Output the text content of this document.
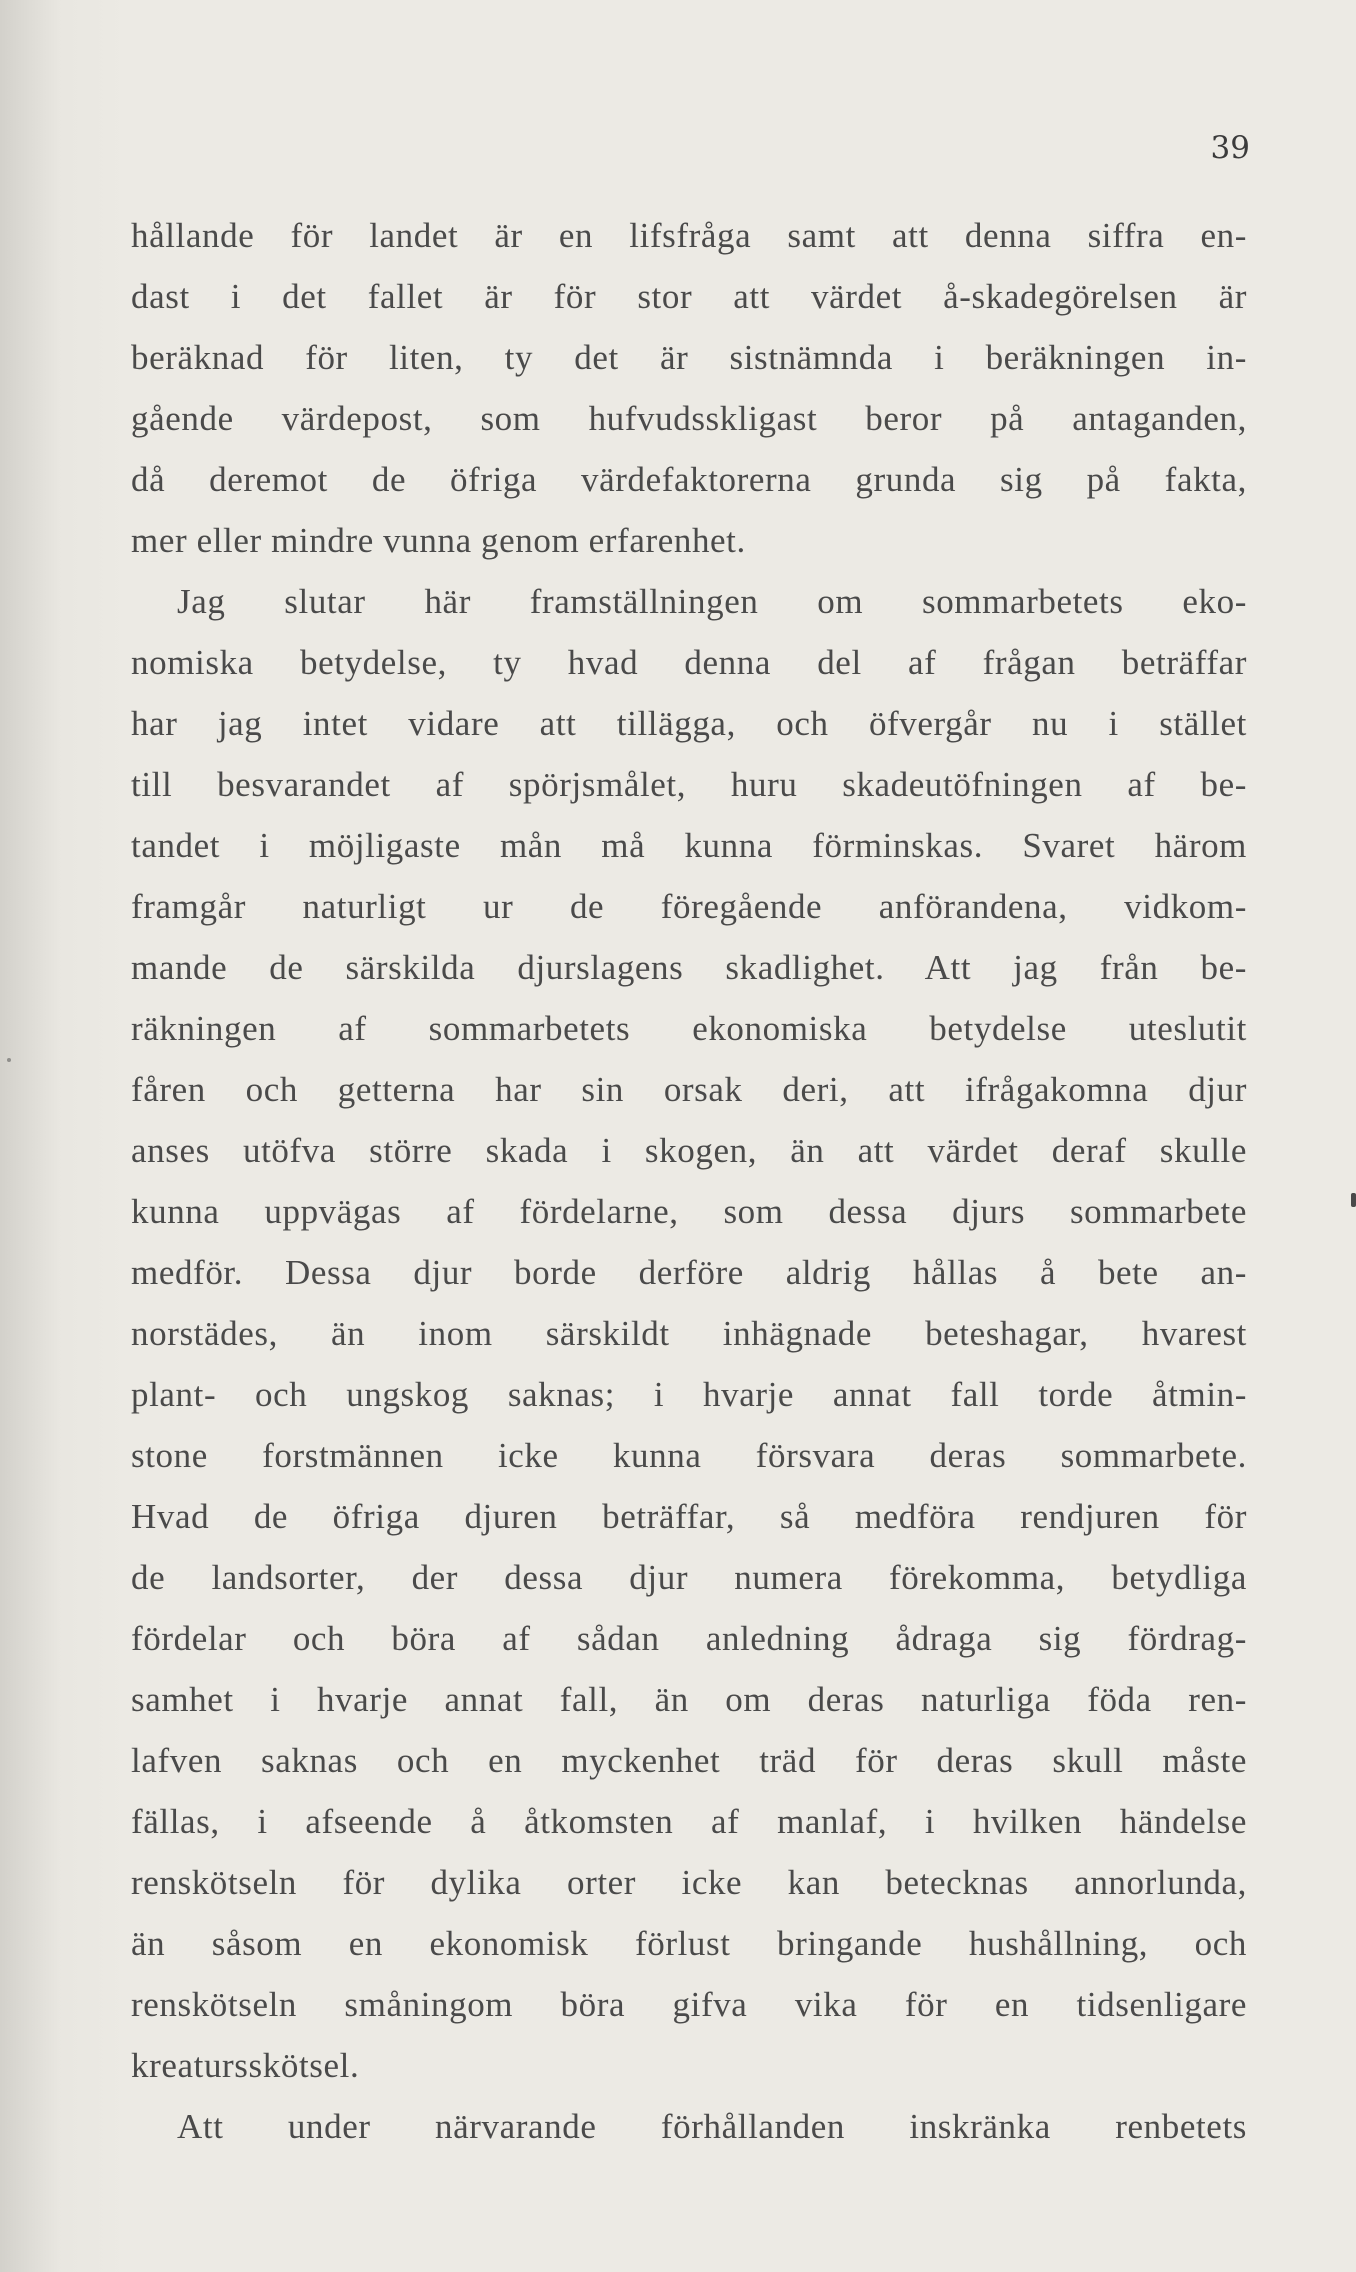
39
hållande för landet är en lifsfråga samt att denna siffra en-
dast i det fallet är för stor att värdet å-skadegörelsen är
beräknad för liten, ty det är sistnämnda i beräkningen in-
gående värdepost, som hufvudsskligast beror på antaganden,
då deremot de öfriga värdefaktorerna grunda sig på fakta,
mer eller mindre vunna genom erfarenhet.
Jag slutar här framställningen om sommarbetets eko-
nomiska betydelse, ty hvad denna del af frågan beträffar
har jag intet vidare att tillägga, och öfvergår nu i stället
till besvarandet af spörjsmålet, huru skadeutöfningen af be-
tandet i möjligaste mån må kunna förminskas. Svaret härom
framgår naturligt ur de föregående anförandena, vidkom-
mande de särskilda djurslagens skadlighet. Att jag från be-
räkningen af sommarbetets ekonomiska betydelse uteslutit
fåren och getterna har sin orsak deri, att ifrågakomna djur
anses utöfva större skada i skogen, än att värdet deraf skulle
kunna uppvägas af fördelarne, som dessa djurs sommarbete
medför. Dessa djur borde derföre aldrig hållas å bete an-
norstädes, än inom särskildt inhägnade beteshagar, hvarest
plant- och ungskog saknas; i hvarje annat fall torde åtmin-
stone forstmännen icke kunna försvara deras sommarbete.
Hvad de öfriga djuren beträffar, så medföra rendjuren för
de landsorter, der dessa djur numera förekomma, betydliga
fördelar och böra af sådan anledning ådraga sig fördrag-
samhet i hvarje annat fall, än om deras naturliga föda ren-
lafven saknas och en myckenhet träd för deras skull måste
fällas, i afseende å åtkomsten af manlaf, i hvilken händelse
renskötseln för dylika orter icke kan betecknas annorlunda,
än såsom en ekonomisk förlust bringande hushållning, och
renskötseln småningom böra gifva vika för en tidsenligare
kreatursskötsel.
Att under närvarande förhållanden inskränka renbetets
